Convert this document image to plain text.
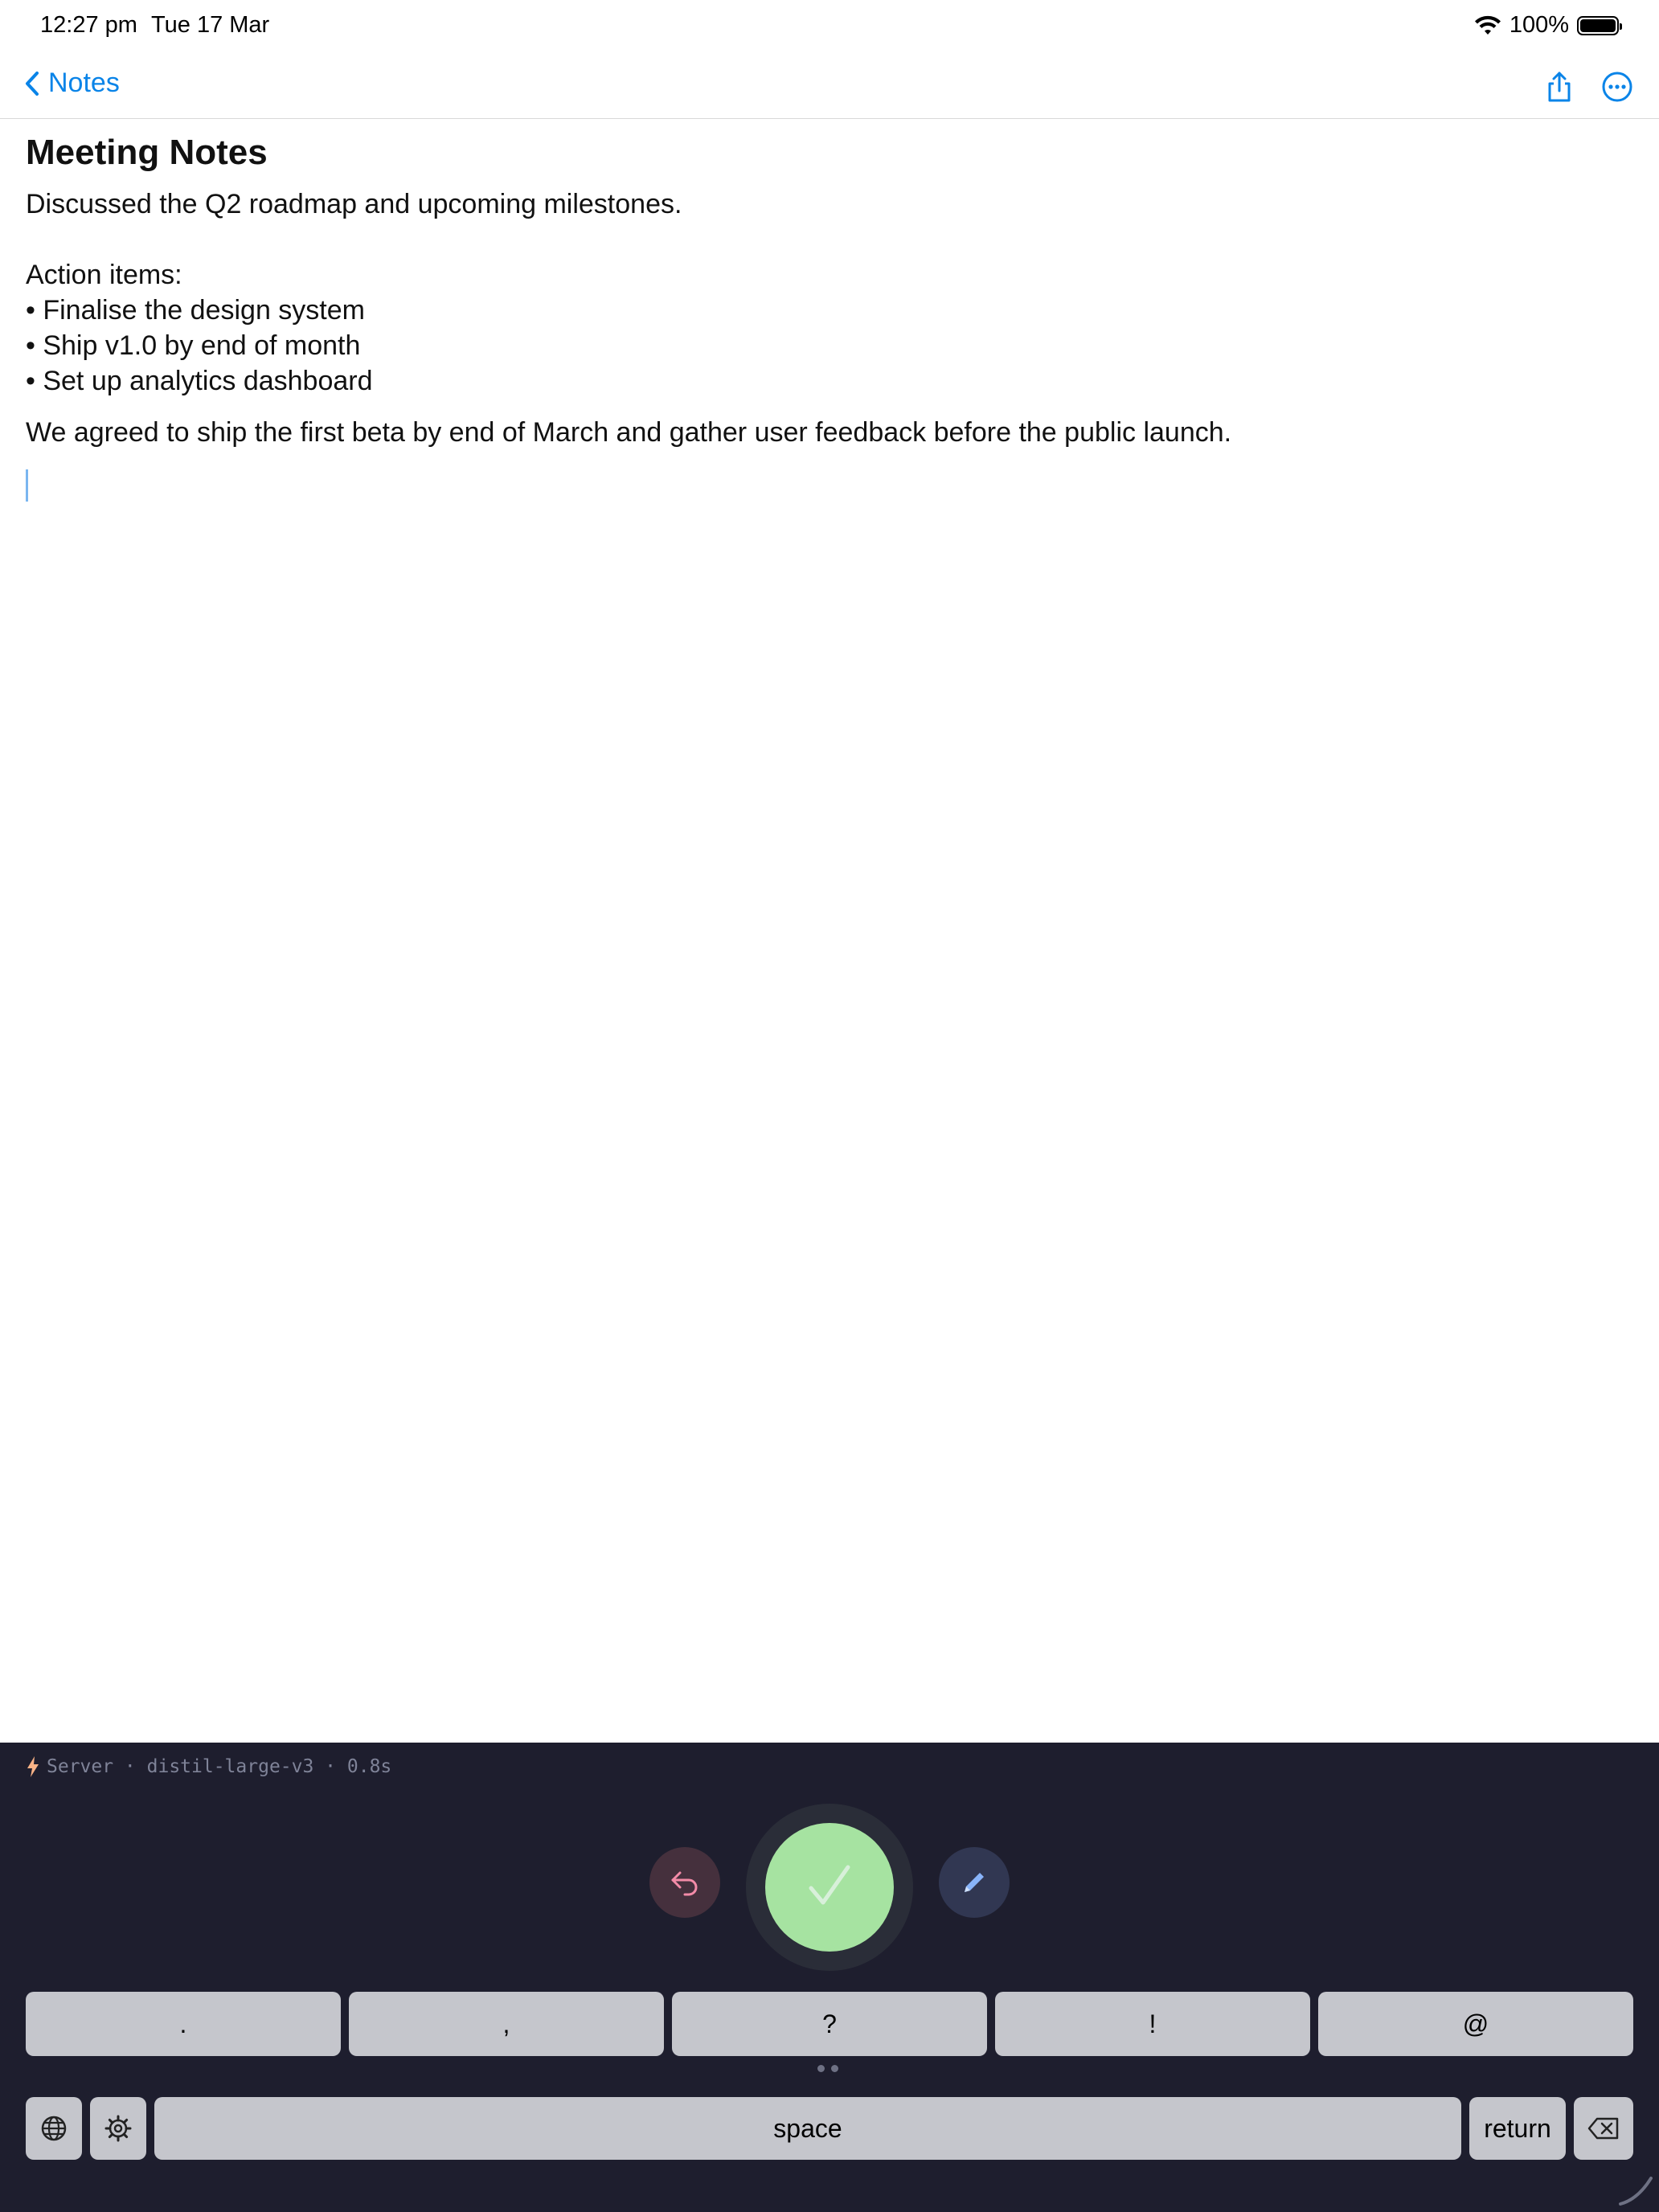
12:27 pm Tue 17 Mar	100%
Notes
Meeting Notes
Discussed the Q2 roadmap and upcoming milestones.
Action items:
• Finalise the design system
• Ship v1.0 by end of month
• Set up analytics dashboard
We agreed to ship the first beta by end of March and gather user feedback before the public launch.
Server · distil-large-v3 · 0.8s
.	,	?	!	@
space	return
